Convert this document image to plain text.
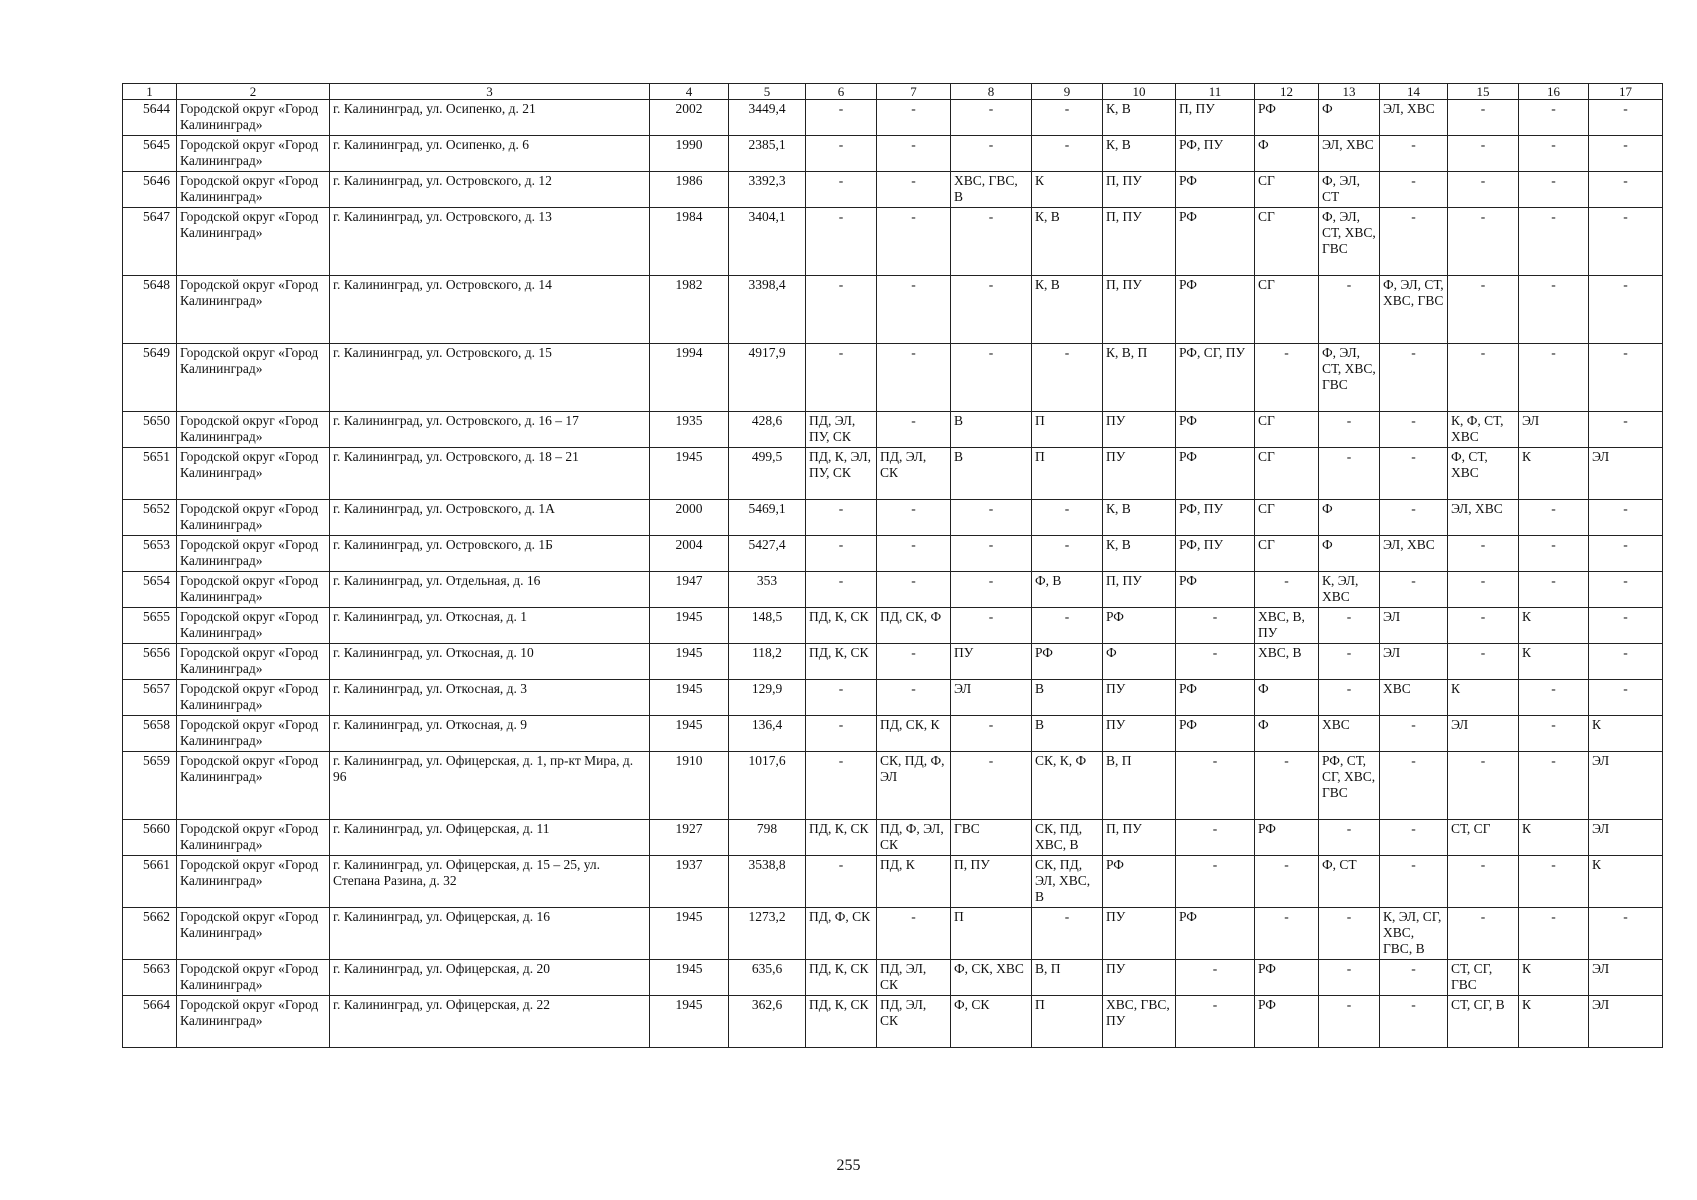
1	2	3	4	5	6	7	8	9	10	11	12	13	14	15	16	17
5644	Городской округ «Город Калининград»	г. Калининград, ул. Осипенко, д. 21	2002	3449,4	-	-	-	-	К, В	П, ПУ	РФ	Ф	ЭЛ, ХВС	-	-	-
5645	Городской округ «Город Калининград»	г. Калининград, ул. Осипенко, д. 6	1990	2385,1	-	-	-	-	К, В	РФ, ПУ	Ф	ЭЛ, ХВС	-	-	-	-
5646	Городской округ «Город Калининград»	г. Калининград, ул. Островского, д. 12	1986	3392,3	-	-	ХВС, ГВС, В	К	П, ПУ	РФ	СГ	Ф, ЭЛ, СТ	-	-	-	-
5647	Городской округ «Город Калининград»	г. Калининград, ул. Островского, д. 13	1984	3404,1	-	-	-	К, В	П, ПУ	РФ	СГ	Ф, ЭЛ, СТ, ХВС, ГВС	-	-	-	-
5648	Городской округ «Город Калининград»	г. Калининград, ул. Островского, д. 14	1982	3398,4	-	-	-	К, В	П, ПУ	РФ	СГ	-	Ф, ЭЛ, СТ, ХВС, ГВС	-	-	-
5649	Городской округ «Город Калининград»	г. Калининград, ул. Островского, д. 15	1994	4917,9	-	-	-	-	К, В, П	РФ, СГ, ПУ	-	Ф, ЭЛ, СТ, ХВС, ГВС	-	-	-	-
5650	Городской округ «Город Калининград»	г. Калининград, ул. Островского, д. 16 – 17	1935	428,6	ПД, ЭЛ, ПУ, СК	-	В	П	ПУ	РФ	СГ	-	-	К, Ф, СТ, ХВС	ЭЛ	-
5651	Городской округ «Город Калининград»	г. Калининград, ул. Островского, д. 18 – 21	1945	499,5	ПД, К, ЭЛ, ПУ, СК	ПД, ЭЛ, СК	В	П	ПУ	РФ	СГ	-	-	Ф, СТ, ХВС	К	ЭЛ
5652	Городской округ «Город Калининград»	г. Калининград, ул. Островского, д. 1А	2000	5469,1	-	-	-	-	К, В	РФ, ПУ	СГ	Ф	-	ЭЛ, ХВС	-	-
5653	Городской округ «Город Калининград»	г. Калининград, ул. Островского, д. 1Б	2004	5427,4	-	-	-	-	К, В	РФ, ПУ	СГ	Ф	ЭЛ, ХВС	-	-	-
5654	Городской округ «Город Калининград»	г. Калининград, ул. Отдельная, д. 16	1947	353	-	-	-	Ф, В	П, ПУ	РФ	-	К, ЭЛ, ХВС	-	-	-	-
5655	Городской округ «Город Калининград»	г. Калининград, ул. Откосная, д. 1	1945	148,5	ПД, К, СК	ПД, СК, Ф	-	-	РФ	-	ХВС, В, ПУ	-	ЭЛ	-	К	-
5656	Городской округ «Город Калининград»	г. Калининград, ул. Откосная, д. 10	1945	118,2	ПД, К, СК	-	ПУ	РФ	Ф	-	ХВС, В	-	ЭЛ	-	К	-
5657	Городской округ «Город Калининград»	г. Калининград, ул. Откосная, д. 3	1945	129,9	-	-	ЭЛ	В	ПУ	РФ	Ф	-	ХВС	К	-	-
5658	Городской округ «Город Калининград»	г. Калининград, ул. Откосная, д. 9	1945	136,4	-	ПД, СК, К	-	В	ПУ	РФ	Ф	ХВС	-	ЭЛ	-	К
5659	Городской округ «Город Калининград»	г. Калининград, ул. Офицерская, д. 1, пр-кт Мира, д. 96	1910	1017,6	-	СК, ПД, Ф, ЭЛ	-	СК, К, Ф	В, П	-	-	РФ, СТ, СГ, ХВС, ГВС	-	-	-	ЭЛ
5660	Городской округ «Город Калининград»	г. Калининград, ул. Офицерская, д. 11	1927	798	ПД, К, СК	ПД, Ф, ЭЛ, СК	ГВС	СК, ПД, ХВС, В	П, ПУ	-	РФ	-	-	СТ, СГ	К	ЭЛ
5661	Городской округ «Город Калининград»	г. Калининград, ул. Офицерская, д. 15 – 25, ул. Степана Разина, д. 32	1937	3538,8	-	ПД, К	П, ПУ	СК, ПД, ЭЛ, ХВС, В	РФ	-	-	Ф, СТ	-	-	-	К
5662	Городской округ «Город Калининград»	г. Калининград, ул. Офицерская, д. 16	1945	1273,2	ПД, Ф, СК	-	П	-	ПУ	РФ	-	-	К, ЭЛ, СГ, ХВС, ГВС, В	-	-	-
5663	Городской округ «Город Калининград»	г. Калининград, ул. Офицерская, д. 20	1945	635,6	ПД, К, СК	ПД, ЭЛ, СК	Ф, СК, ХВС	В, П	ПУ	-	РФ	-	-	СТ, СГ, ГВС	К	ЭЛ
5664	Городской округ «Город Калининград»	г. Калининград, ул. Офицерская, д. 22	1945	362,6	ПД, К, СК	ПД, ЭЛ, СК	Ф, СК	П	ХВС, ГВС, ПУ	-	РФ	-	-	СТ, СГ, В	К	ЭЛ
255
